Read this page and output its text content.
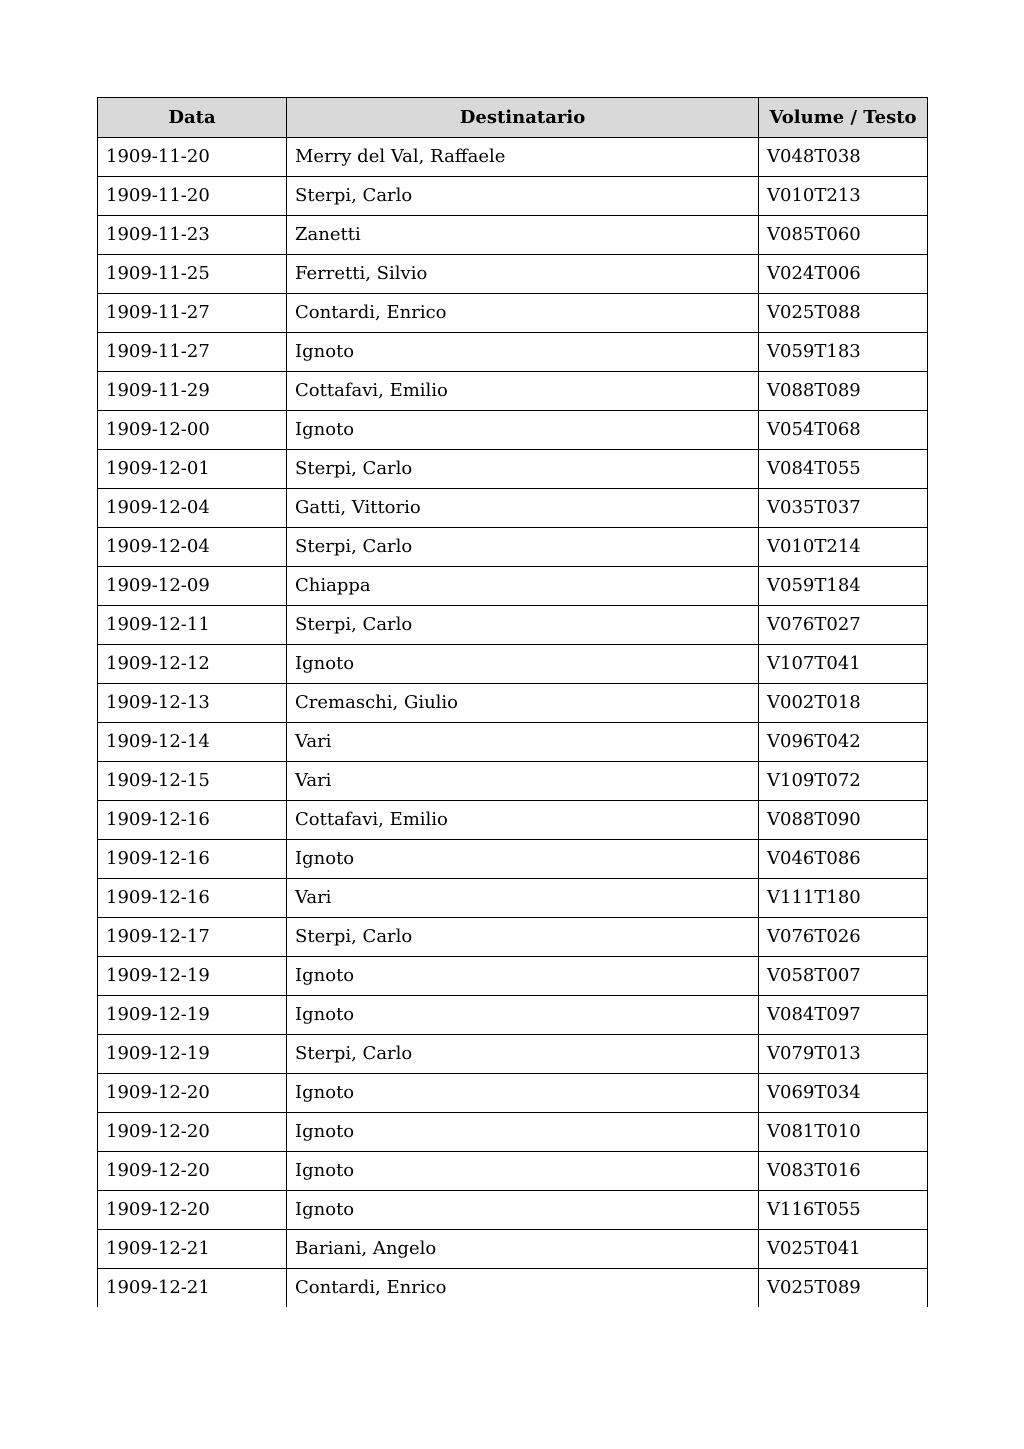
Data	Destinatario	Volume / Testo
1909-11-20	Merry del Val, Raffaele	V048T038
1909-11-20	Sterpi, Carlo	V010T213
1909-11-23	Zanetti	V085T060
1909-11-25	Ferretti, Silvio	V024T006
1909-11-27	Contardi, Enrico	V025T088
1909-11-27	Ignoto	V059T183
1909-11-29	Cottafavi, Emilio	V088T089
1909-12-00	Ignoto	V054T068
1909-12-01	Sterpi, Carlo	V084T055
1909-12-04	Gatti, Vittorio	V035T037
1909-12-04	Sterpi, Carlo	V010T214
1909-12-09	Chiappa	V059T184
1909-12-11	Sterpi, Carlo	V076T027
1909-12-12	Ignoto	V107T041
1909-12-13	Cremaschi, Giulio	V002T018
1909-12-14	Vari	V096T042
1909-12-15	Vari	V109T072
1909-12-16	Cottafavi, Emilio	V088T090
1909-12-16	Ignoto	V046T086
1909-12-16	Vari	V111T180
1909-12-17	Sterpi, Carlo	V076T026
1909-12-19	Ignoto	V058T007
1909-12-19	Ignoto	V084T097
1909-12-19	Sterpi, Carlo	V079T013
1909-12-20	Ignoto	V069T034
1909-12-20	Ignoto	V081T010
1909-12-20	Ignoto	V083T016
1909-12-20	Ignoto	V116T055
1909-12-21	Bariani, Angelo	V025T041
1909-12-21	Contardi, Enrico	V025T089
